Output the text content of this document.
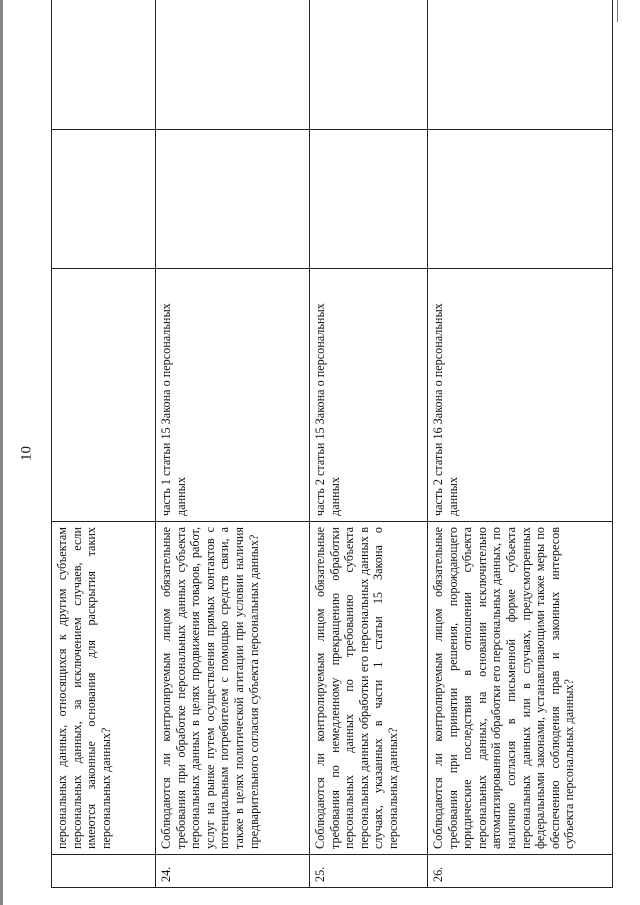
10
	персональных данных, относящихся к другим субъектам персональных данных, за исключением случаев, если имеются законные основания для раскрытия таких персональных данных?			
24.	Соблюдаются ли контролируемым лицом обязательные требования при обработке персональных данных субъекта персональных данных в целях продвижения товаров, работ, услуг на рынке путем осуществления прямых контактов с потенциальным потребителем с помощью средств связи, а также в целях политической агитации при условии наличия предварительного согласия субъекта персональных данных?	часть 1 статьи 15 Закона о персональных данных		
25.	Соблюдаются ли контролируемым лицом обязательные требования по немедленному прекращению обработки персональных данных по требованию субъекта персональных данных обработки его персональных данных в случаях, указанных в части 1 статьи 15 Закона о персональных данных?	часть 2 статьи 15 Закона о персональных данных		
26.	Соблюдаются ли контролируемым лицом обязательные требования при принятии решения, порождающего юридические последствия в отношении субъекта персональных данных, на основании исключительно автоматизированной обработки его персональных данных, по наличию согласия в письменной форме субъекта персональных данных или в случаях, предусмотренных федеральными законами, устанавливающими также меры по обеспечению соблюдения прав и законных интересов субъекта персональных данных?	часть 2 статьи 16 Закона о персональных данных		
